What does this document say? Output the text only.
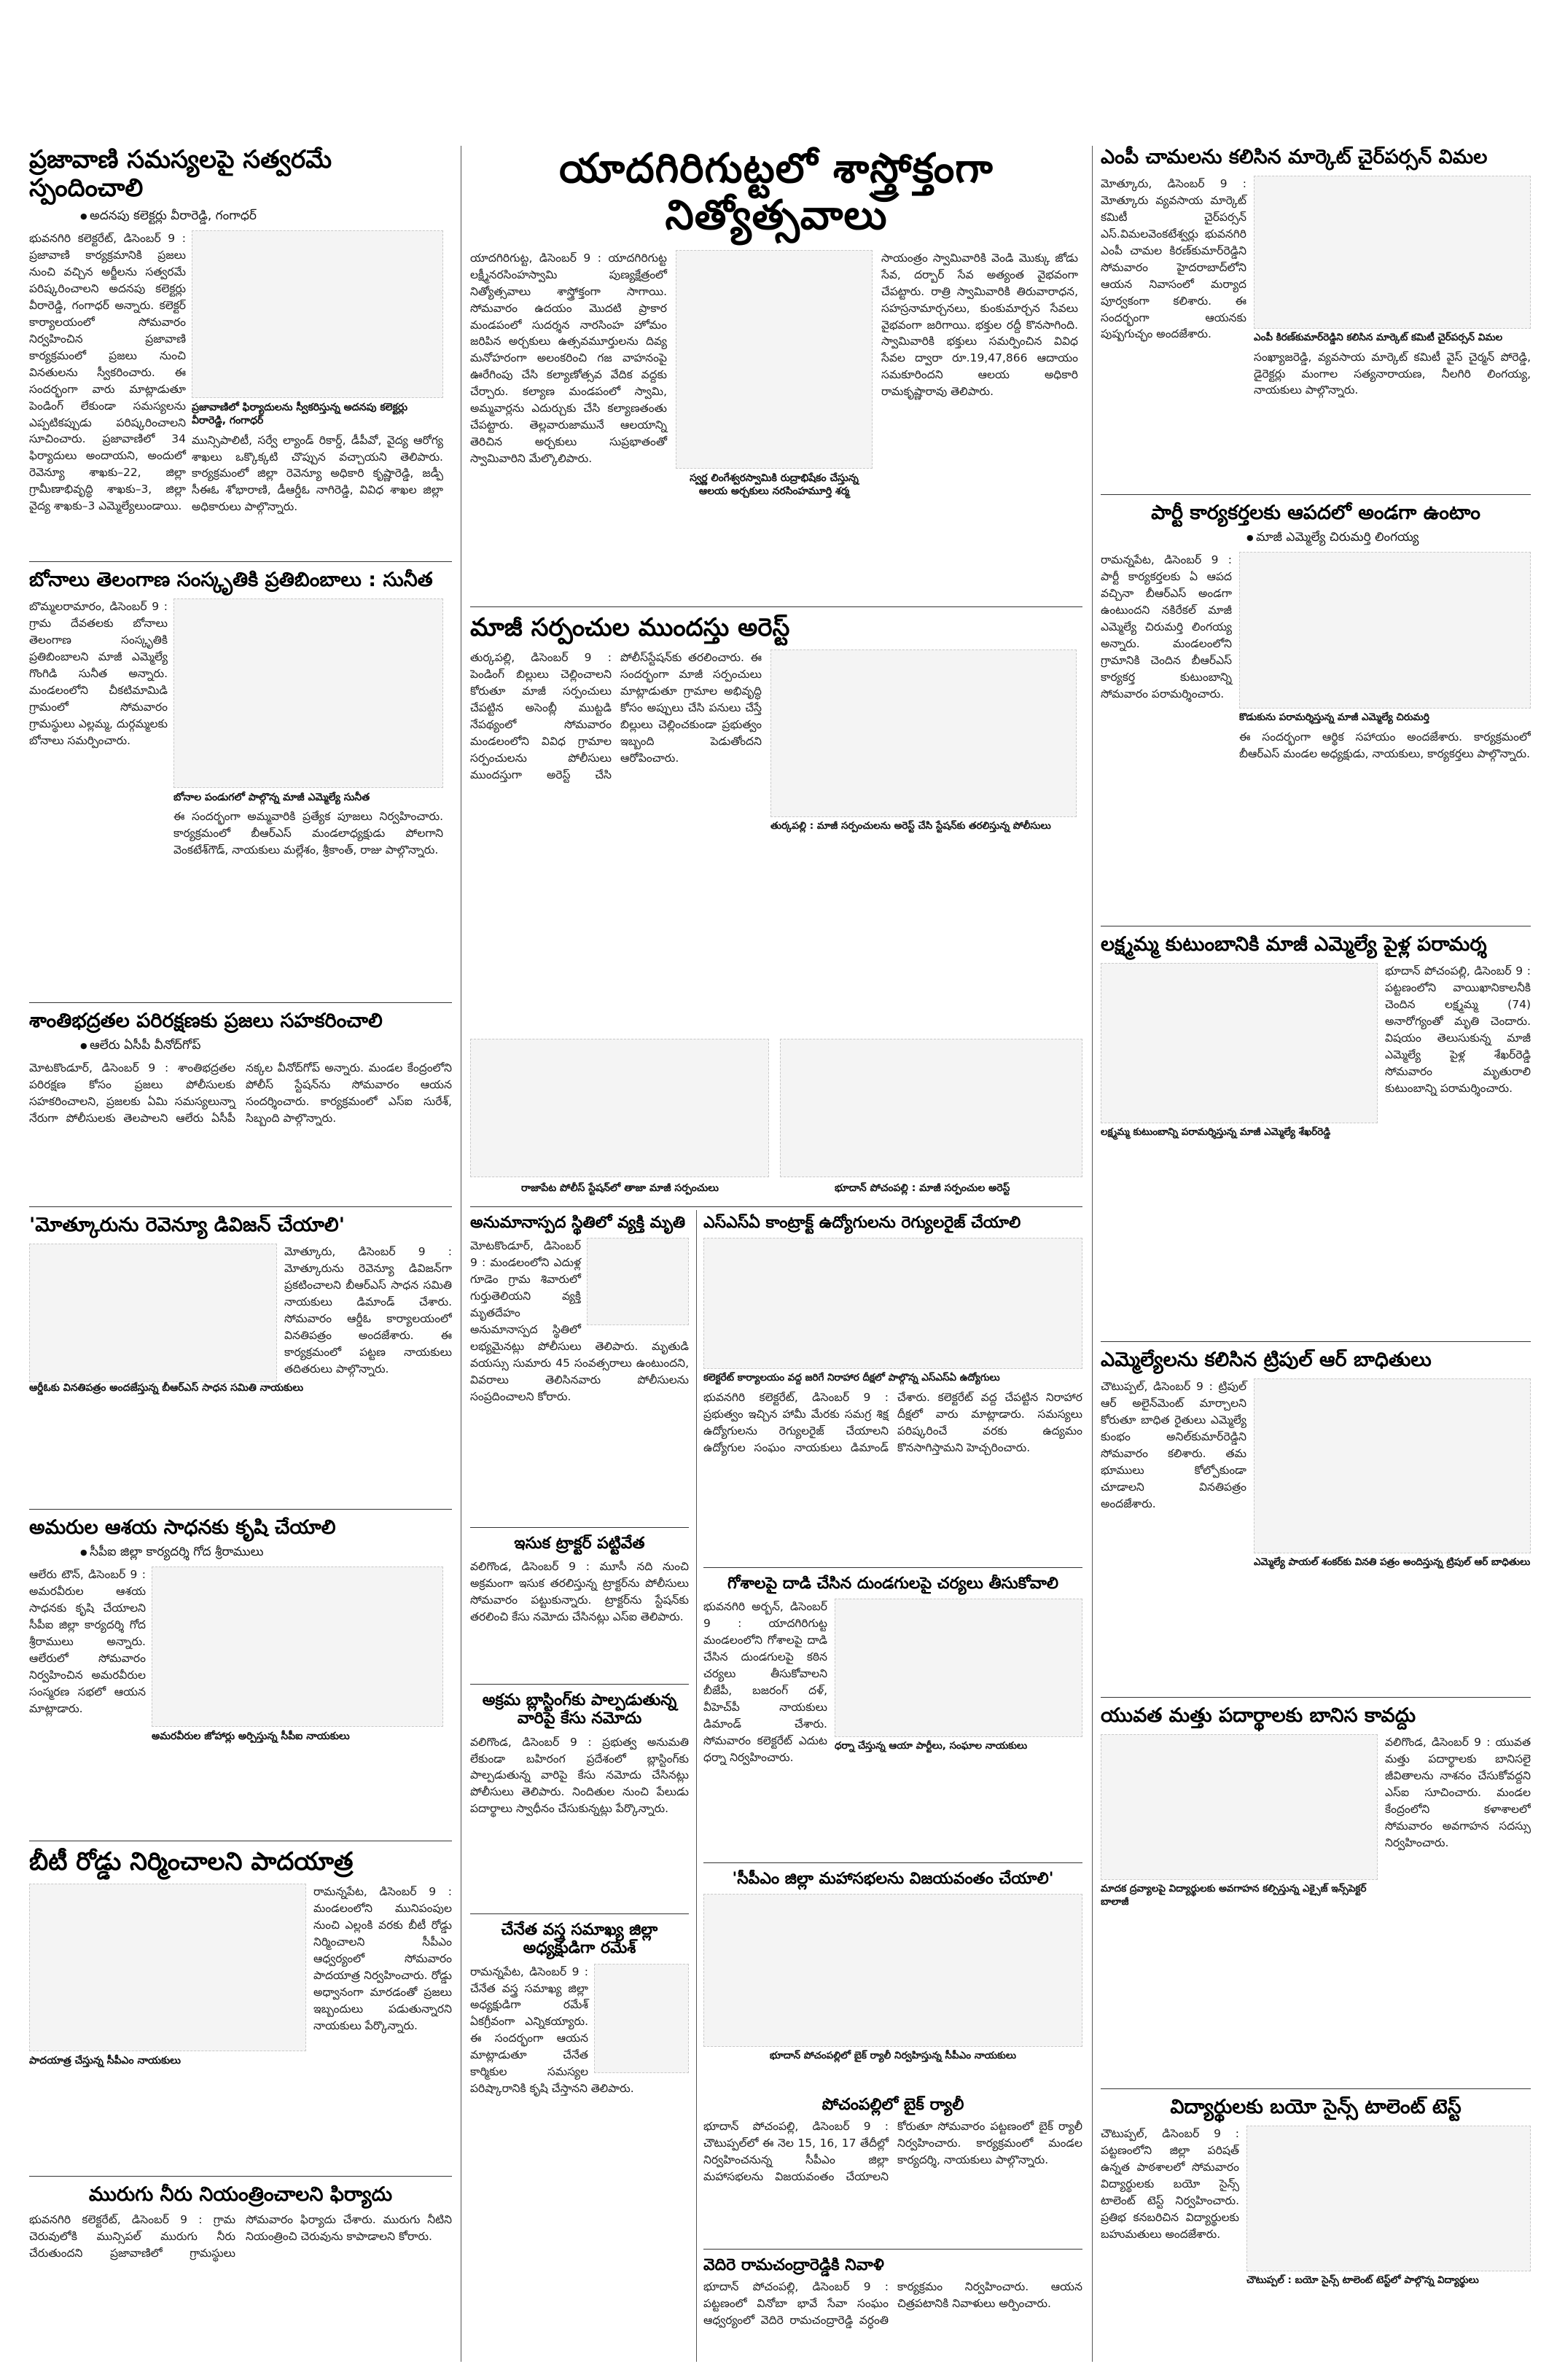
ప్రజావాణి సమస్యలపై సత్వరమే స్పందించాలి
● అదనపు కలెక్టర్లు వీరారెడ్డి, గంగాధర్
భువనగిరి కలెక్టరేట్, డిసెంబర్ 9 : ప్రజావాణి కార్యక్రమానికి ప్రజలు నుంచి వచ్చిన అర్జీలను సత్వరమే పరిష్కరించాలని అదనపు కలెక్టర్లు వీరారెడ్డి, గంగాధర్ అన్నారు. కలెక్టర్ కార్యాలయంలో సోమవారం నిర్వహించిన ప్రజావాణి కార్యక్రమంలో ప్రజలు నుంచి వినతులను స్వీకరించారు. ఈ సందర్భంగా వారు మాట్లాడుతూ పెండింగ్ లేకుండా సమస్యలను ఎప్పటికప్పుడు పరిష్కరించాలని సూచించారు. ప్రజావాణిలో 34 ఫిర్యాదులు అందాయని, అందులో రెవెన్యూ శాఖకు–22, జిల్లా గ్రామీణాభివృద్ధి శాఖకు–3, జిల్లా వైద్య శాఖకు–3 ఎమ్మెల్యేలుండాయి.
ప్రజావాణిలో ఫిర్యాదులను స్వీకరిస్తున్న అదనపు కలెక్టర్లు వీరారెడ్డి, గంగాధర్
మున్సిపాలిటీ, సర్వే ల్యాండ్ రికార్డ్, డీపీవో, వైద్య ఆరోగ్య శాఖలు ఒక్కొక్కటి చొప్పున వచ్చాయని తెలిపారు. కార్యక్రమంలో జిల్లా రెవెన్యూ అధికారి కృష్ణారెడ్డి, జడ్పీ సీఈఓ శోభారాణి, డీఆర్డీఓ నాగిరెడ్డి, వివిధ శాఖల జిల్లా అధికారులు పాల్గొన్నారు.
బోనాలు తెలంగాణ సంస్కృతికి ప్రతిబింబాలు : సునీత
బొమ్మలరామారం, డిసెంబర్ 9 : గ్రామ దేవతలకు బోనాలు తెలంగాణ సంస్కృతికి ప్రతిబింబాలని మాజీ ఎమ్మెల్యే గొంగిడి సునీత అన్నారు. మండలంలోని చీకటిమామిడి గ్రామంలో సోమవారం గ్రామస్థులు ఎల్లమ్మ, దుర్గమ్మలకు బోనాలు సమర్పించారు.
బోనాల పండుగలో పాల్గొన్న మాజీ ఎమ్మెల్యే సునీత
ఈ సందర్భంగా అమ్మవారికి ప్రత్యేక పూజలు నిర్వహించారు. కార్యక్రమంలో బీఆర్‌ఎస్ మండలాధ్యక్షుడు పోలగాని వెంకటేశ్‌గౌడ్, నాయకులు మల్లేశం, శ్రీకాంత్, రాజు పాల్గొన్నారు.
శాంతిభద్రతల పరిరక్షణకు ప్రజలు సహకరించాలి
● ఆలేరు ఏసీపీ వీనోద్‌గోప్
మోటకొండూర్, డిసెంబర్ 9 : శాంతిభద్రతల పరిరక్షణ కోసం ప్రజలు పోలీసులకు సహకరించాలని, ప్రజలకు ఏమి సమస్యలున్నా నేరుగా పోలీసులకు తెలపాలని ఆలేరు ఏసీపీ నక్కల వీనోద్‌గోప్ అన్నారు. మండల కేంద్రంలోని పోలీస్ స్టేషన్‌ను సోమవారం ఆయన సందర్శించారు. కార్యక్రమంలో ఎస్‌ఐ సురేశ్, సిబ్బంది పాల్గొన్నారు.
'మోత్కూరును రెవెన్యూ డివిజన్ చేయాలి'
మోత్కూరు, డిసెంబర్ 9 : మోత్కూరును రెవెన్యూ డివిజన్‌గా ప్రకటించాలని బీఆర్‌ఎస్ సాధన సమితి నాయకులు డిమాండ్ చేశారు. సోమవారం ఆర్డీఓ కార్యాలయంలో వినతిపత్రం అందజేశారు. ఈ కార్యక్రమంలో పట్టణ నాయకులు తదితరులు పాల్గొన్నారు.
ఆర్డీఓకు వినతిపత్రం అందజేస్తున్న బీఆర్‌ఎస్ సాధన సమితి నాయకులు
అమరుల ఆశయ సాధనకు కృషి చేయాలి
● సీపీఐ జిల్లా కార్యదర్శి గోద శ్రీరాములు
ఆలేరు టౌన్, డిసెంబర్ 9 : అమరవీరుల ఆశయ సాధనకు కృషి చేయాలని సీపీఐ జిల్లా కార్యదర్శి గోద శ్రీరాములు అన్నారు. ఆలేరులో సోమవారం నిర్వహించిన అమరవీరుల సంస్మరణ సభలో ఆయన మాట్లాడారు.
అమరవీరుల జోహార్లు అర్పిస్తున్న సీపీఐ నాయకులు
బీటీ రోడ్డు నిర్మించాలని పాదయాత్ర
పాదయాత్ర చేస్తున్న సీపీఎం నాయకులు
రామన్నపేట, డిసెంబర్ 9 : మండలంలోని మునిపంపుల నుంచి ఎల్లంకి వరకు బీటీ రోడ్డు నిర్మించాలని సీపీఎం ఆధ్వర్యంలో సోమవారం పాదయాత్ర నిర్వహించారు. రోడ్డు అధ్వానంగా మారడంతో ప్రజలు ఇబ్బందులు పడుతున్నారని నాయకులు పేర్కొన్నారు.
మురుగు నీరు నియంత్రించాలని ఫిర్యాదు
భువనగిరి కలెక్టరేట్, డిసెంబర్ 9 : గ్రామ చెరువులోకి మున్సిపల్ మురుగు నీరు చేరుతుందని ప్రజావాణిలో గ్రామస్థులు సోమవారం ఫిర్యాదు చేశారు. మురుగు నీటిని నియంత్రించి చెరువును కాపాడాలని కోరారు.
యాదగిరిగుట్టలో శాస్త్రోక్తంగా నిత్యోత్సవాలు
యాదగిరిగుట్ట, డిసెంబర్ 9 : యాదగిరిగుట్ట లక్ష్మీనరసింహస్వామి పుణ్యక్షేత్రంలో నిత్యోత్సవాలు శాస్త్రోక్తంగా సాగాయి. సోమవారం ఉదయం మొదటి ప్రాకార మండపంలో సుదర్శన నారసింహ హోమం జరిపిన అర్చకులు ఉత్సవమూర్తులను దివ్య మనోహరంగా అలంకరించి గజ వాహనంపై ఊరేగింపు చేసి కల్యాణోత్సవ వేదిక వద్దకు చేర్చారు. కల్యాణ మండపంలో స్వామి, అమ్మవార్లను ఎదుర్చుకు చేసి కల్యాణతంతు చేపట్టారు. తెల్లవారుజామునే ఆలయాన్ని తెరిచిన అర్చకులు సుప్రభాతంతో స్వామివారిని మేల్కొలిపారు.
స్వర్ణ లింగేశ్వరస్వామికి రుద్రాభిషేకం చేస్తున్న ఆలయ అర్చకులు నరసింహమూర్తి శర్మ
సాయంత్రం స్వామివారికి వెండి మొక్కు జోడు సేవ, దర్బార్ సేవ అత్యంత వైభవంగా చేపట్టారు. రాత్రి స్వామివారికి తిరువారాధన, సహస్రనామార్చనలు, కుంకుమార్చన సేవలు వైభవంగా జరిగాయి. భక్తుల రద్దీ కొనసాగింది. స్వామివారికి భక్తులు సమర్పించిన వివిధ సేవల ద్వారా రూ.19,47,866 ఆదాయం సమకూరిందని ఆలయ అధికారి రామకృష్ణారావు తెలిపారు.
మాజీ సర్పంచుల ముందస్తు అరెస్ట్
తుర్కపల్లి, డిసెంబర్ 9 : పెండింగ్ బిల్లులు చెల్లించాలని కోరుతూ మాజీ సర్పంచులు చేపట్టిన అసెంబ్లీ ముట్టడి నేపథ్యంలో సోమవారం మండలంలోని వివిధ గ్రామాల సర్పంచులను పోలీసులు ముందస్తుగా అరెస్ట్ చేసి పోలీస్‌స్టేషన్‌కు తరలించారు. ఈ సందర్భంగా మాజీ సర్పంచులు మాట్లాడుతూ గ్రామాల అభివృద్ధి కోసం అప్పులు చేసి పనులు చేస్తే బిల్లులు చెల్లించకుండా ప్రభుత్వం ఇబ్బంది పెడుతోందని ఆరోపించారు.
తుర్కపల్లి : మాజీ సర్పంచులను అరెస్ట్ చేసి స్టేషన్‌కు తరలిస్తున్న పోలీసులు
రాజాపేట పోలీస్ స్టేషన్‌లో తాజా మాజీ సర్పంచులు	భూదాన్ పోచంపల్లి : మాజీ సర్పంచుల అరెస్ట్
అనుమానాస్పద స్థితిలో వ్యక్తి మృతి
మోటకొండూర్, డిసెంబర్ 9 : మండలంలోని ఎదుళ్ల గూడెం గ్రామ శివారులో గుర్తుతెలియని వ్యక్తి మృతదేహం అనుమానాస్పద స్థితిలో లభ్యమైనట్లు పోలీసులు తెలిపారు. మృతుడి వయస్సు సుమారు 45 సంవత్సరాలు ఉంటుందని, వివరాలు తెలిసినవారు పోలీసులను సంప్రదించాలని కోరారు.
ఇసుక ట్రాక్టర్ పట్టివేత
వలిగొండ, డిసెంబర్ 9 : మూసీ నది నుంచి అక్రమంగా ఇసుక తరలిస్తున్న ట్రాక్టర్‌ను పోలీసులు సోమవారం పట్టుకున్నారు. ట్రాక్టర్‌ను స్టేషన్‌కు తరలించి కేసు నమోదు చేసినట్లు ఎస్‌ఐ తెలిపారు.
అక్రమ బ్లాస్టింగ్‌కు పాల్పడుతున్న వారిపై కేసు నమోదు
వలిగొండ, డిసెంబర్ 9 : ప్రభుత్వ అనుమతి లేకుండా బహిరంగ ప్రదేశంలో బ్లాస్టింగ్‌కు పాల్పడుతున్న వారిపై కేసు నమోదు చేసినట్లు పోలీసులు తెలిపారు. నిందితుల నుంచి పేలుడు పదార్థాలు స్వాధీనం చేసుకున్నట్లు పేర్కొన్నారు.
చేనేత వస్త్ర సమాఖ్య జిల్లా అధ్యక్షుడిగా రమేశ్
రామన్నపేట, డిసెంబర్ 9 : చేనేత వస్త్ర సమాఖ్య జిల్లా అధ్యక్షుడిగా రమేశ్ ఏకగ్రీవంగా ఎన్నికయ్యారు. ఈ సందర్భంగా ఆయన మాట్లాడుతూ చేనేత కార్మికుల సమస్యల పరిష్కారానికి కృషి చేస్తానని తెలిపారు.
ఎస్‌ఎస్‌ఏ కాంట్రాక్ట్ ఉద్యోగులను రెగ్యులరైజ్ చేయాలి
కలెక్టరేట్ కార్యాలయం వద్ద జరిగే నిరాహార దీక్షలో పాల్గొన్న ఎస్‌ఎస్‌ఏ ఉద్యోగులు
భువనగిరి కలెక్టరేట్, డిసెంబర్ 9 : ప్రభుత్వం ఇచ్చిన హామీ మేరకు సమగ్ర శిక్ష ఉద్యోగులను రెగ్యులరైజ్ చేయాలని ఉద్యోగుల సంఘం నాయకులు డిమాండ్ చేశారు. కలెక్టరేట్ వద్ద చేపట్టిన నిరాహార దీక్షలో వారు మాట్లాడారు. సమస్యలు పరిష్కరించే వరకు ఉద్యమం కొనసాగిస్తామని హెచ్చరించారు.
గోశాలపై దాడి చేసిన దుండగులపై చర్యలు తీసుకోవాలి
భువనగిరి అర్బన్, డిసెంబర్ 9 : యాదగిరిగుట్ట మండలంలోని గోశాలపై దాడి చేసిన దుండగులపై కఠిన చర్యలు తీసుకోవాలని బీజేపీ, బజరంగ్ దళ్, వీహెచ్‌పీ నాయకులు డిమాండ్ చేశారు. సోమవారం కలెక్టరేట్ ఎదుట ధర్నా నిర్వహించారు.
ధర్నా చేస్తున్న ఆయా పార్టీలు, సంఘాల నాయకులు
'సీపీఎం జిల్లా మహాసభలను విజయవంతం చేయాలి'
భూదాన్ పోచంపల్లిలో బైక్ ర్యాలీ నిర్వహిస్తున్న సీపీఎం నాయకులు
పోచంపల్లిలో బైక్ ర్యాలీ
భూదాన్ పోచంపల్లి, డిసెంబర్ 9 : చౌటుప్పల్‌లో ఈ నెల 15, 16, 17 తేదీల్లో నిర్వహించనున్న సీపీఎం జిల్లా మహాసభలను విజయవంతం చేయాలని కోరుతూ సోమవారం పట్టణంలో బైక్ ర్యాలీ నిర్వహించారు. కార్యక్రమంలో మండల కార్యదర్శి, నాయకులు పాల్గొన్నారు.
వెదిరె రామచంద్రారెడ్డికి నివాళి
భూదాన్ పోచంపల్లి, డిసెంబర్ 9 : పట్టణంలో వినోబా భావే సేవా సంఘం ఆధ్వర్యంలో వెదిరె రామచంద్రారెడ్డి వర్ధంతి కార్యక్రమం నిర్వహించారు. ఆయన చిత్రపటానికి నివాళులు అర్పించారు.
ఎంపీ చామలను కలిసిన మార్కెట్ చైర్‌పర్సన్ విమల
మోత్కూరు, డిసెంబర్ 9 : మోత్కూరు వ్యవసాయ మార్కెట్ కమిటీ చైర్‌పర్సన్ ఎస్.విమలవెంకటేశ్వర్లు భువనగిరి ఎంపీ చామల కిరణ్‌కుమార్‌రెడ్డిని సోమవారం హైదరాబాద్‌లోని ఆయన నివాసంలో మర్యాద పూర్వకంగా కలిశారు. ఈ సందర్భంగా ఆయనకు పుష్పగుచ్ఛం అందజేశారు.	ఎంపీ కిరణ్‌కుమార్‌రెడ్డిని కలిసిన మార్కెట్ కమిటీ చైర్‌పర్సన్ విమల
సంఖ్యాజరెడ్డి, వ్యవసాయ మార్కెట్ కమిటీ వైస్ చైర్మన్ పోరెడ్డి, డైరెక్టర్లు మంగాల సత్యనారాయణ, నీలగిరి లింగయ్య, నాయకులు పాల్గొన్నారు.
పార్టీ కార్యకర్తలకు ఆపదలో అండగా ఉంటాం
● మాజీ ఎమ్మెల్యే చిరుమర్తి లింగయ్య
రామన్నపేట, డిసెంబర్ 9 : పార్టీ కార్యకర్తలకు ఏ ఆపద వచ్చినా బీఆర్‌ఎస్ అండగా ఉంటుందని నకిరేకల్ మాజీ ఎమ్మెల్యే చిరుమర్తి లింగయ్య అన్నారు. మండలంలోని గ్రామానికి చెందిన బీఆర్‌ఎస్ కార్యకర్త కుటుంబాన్ని సోమవారం పరామర్శించారు.
కొడుకును పరామర్శిస్తున్న మాజీ ఎమ్మెల్యే చిరుమర్తి
ఈ సందర్భంగా ఆర్థిక సహాయం అందజేశారు. కార్యక్రమంలో బీఆర్‌ఎస్ మండల అధ్యక్షుడు, నాయకులు, కార్యకర్తలు పాల్గొన్నారు.
లక్ష్మమ్మ కుటుంబానికి మాజీ ఎమ్మెల్యే పైళ్ల పరామర్శ
లక్ష్మమ్మ కుటుంబాన్ని పరామర్శిస్తున్న మాజీ ఎమ్మెల్యే శేఖర్‌రెడ్డి
భూదాన్ పోచంపల్లి, డిసెంబర్ 9 : పట్టణంలోని వాయిఖానికాలనీకి చెందిన లక్ష్మమ్మ (74) అనారోగ్యంతో మృతి చెందారు. విషయం తెలుసుకున్న మాజీ ఎమ్మెల్యే పైళ్ల శేఖర్‌రెడ్డి సోమవారం మృతురాలి కుటుంబాన్ని పరామర్శించారు.
ఎమ్మెల్యేలను కలిసిన ట్రిపుల్ ఆర్ బాధితులు
చౌటుప్పల్, డిసెంబర్ 9 : ట్రిపుల్ ఆర్ అలైన్‌మెంట్ మార్చాలని కోరుతూ బాధిత రైతులు ఎమ్మెల్యే కుంభం అనిల్‌కుమార్‌రెడ్డిని సోమవారం కలిశారు. తమ భూములు కోల్పోకుండా చూడాలని వినతిపత్రం అందజేశారు.
ఎమ్మెల్యే పాయల్ శంకర్‌కు వినతి పత్రం అందిస్తున్న ట్రిపుల్ ఆర్ బాధితులు
యువత మత్తు పదార్థాలకు బానిస కావద్దు
మాదక ద్రవ్యాలపై విద్యార్థులకు అవగాహన కల్పిస్తున్న ఎక్సైజ్ ఇన్స్‌పెక్టర్ బాలాజీ
వలిగొండ, డిసెంబర్ 9 : యువత మత్తు పదార్థాలకు బానిసలై జీవితాలను నాశనం చేసుకోవద్దని ఎస్‌ఐ సూచించారు. మండల కేంద్రంలోని కళాశాలలో సోమవారం అవగాహన సదస్సు నిర్వహించారు.
విద్యార్థులకు బయో సైన్స్ టాలెంట్ టెస్ట్
చౌటుప్పల్, డిసెంబర్ 9 : పట్టణంలోని జిల్లా పరిషత్ ఉన్నత పాఠశాలలో సోమవారం విద్యార్థులకు బయో సైన్స్ టాలెంట్ టెస్ట్ నిర్వహించారు. ప్రతిభ కనబరిచిన విద్యార్థులకు బహుమతులు అందజేశారు.
చౌటుప్పల్ : బయో సైన్స్ టాలెంట్ టెస్ట్‌లో పాల్గొన్న విద్యార్థులు
